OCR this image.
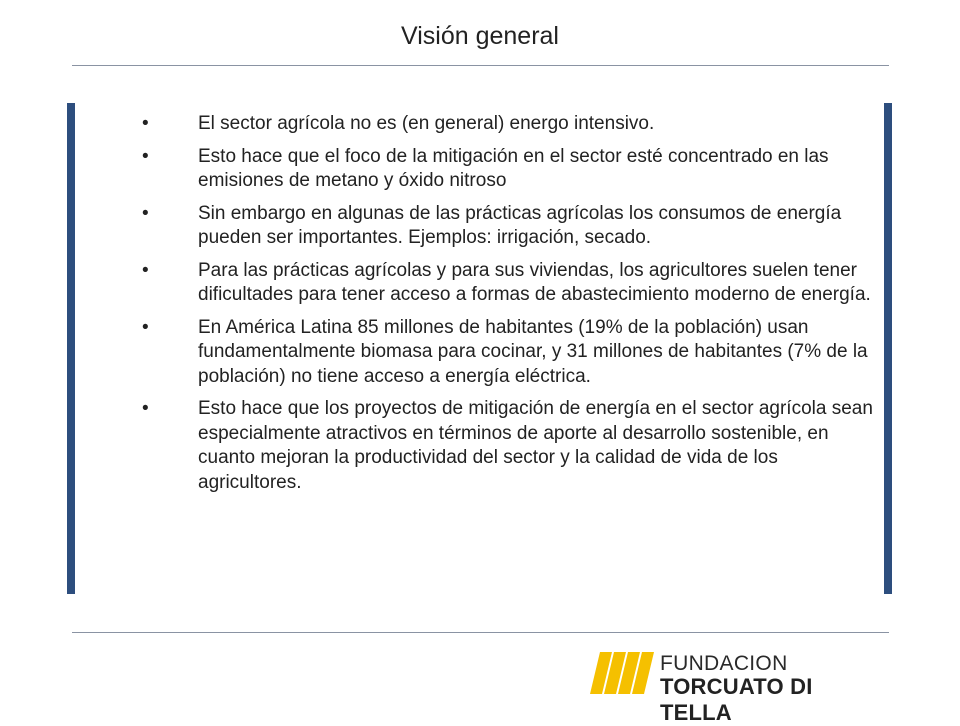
Visión general
•	El sector agrícola no es (en general) energo intensivo.
•	Esto hace que el foco de la mitigación en el sector esté concentrado en las emisiones de metano y óxido nitroso
•	Sin embargo en algunas de las prácticas agrícolas los consumos de energía pueden ser importantes. Ejemplos: irrigación, secado.
•	Para las prácticas agrícolas y para sus viviendas, los agricultores suelen tener dificultades para tener acceso a formas de abastecimiento moderno de energía.
•	En América Latina 85 millones de habitantes (19% de la población) usan fundamentalmente biomasa para cocinar, y 31 millones de habitantes (7% de la población) no tiene acceso a energía eléctrica.
•	Esto hace que los proyectos de mitigación de energía en el sector agrícola sean especialmente atractivos en términos de aporte al desarrollo sostenible, en cuanto mejoran la productividad del sector y la calidad de vida de los agricultores.
FUNDACION
TORCUATO DI TELLA
